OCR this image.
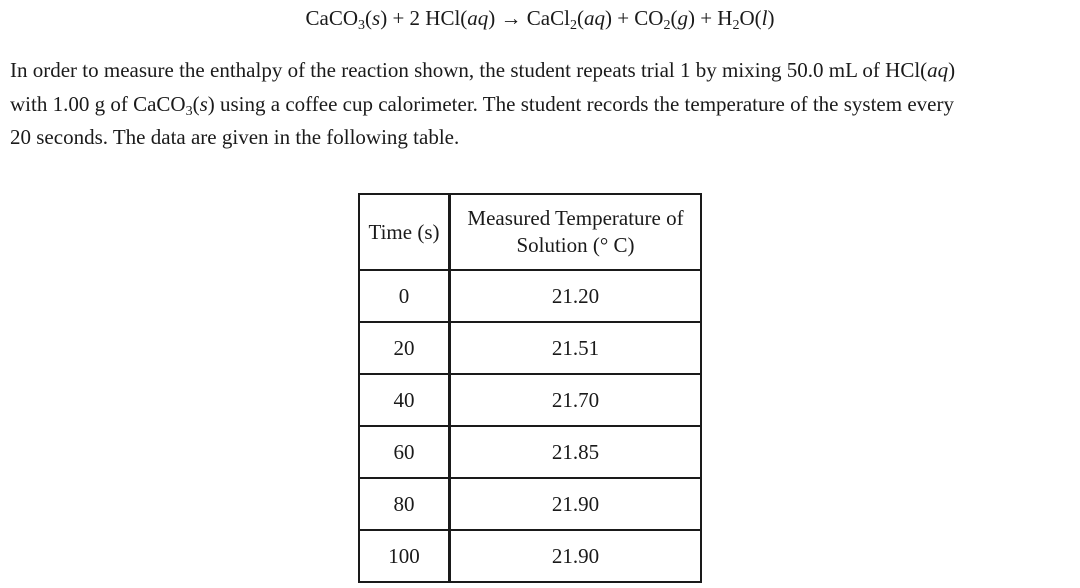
CaCO$_3$(s) + 2 HCl(aq) → CaCl$_2$(aq) + $CO_2(g) + H_2O(l)$
In order to measure the enthalpy of the reaction shown, the student repeats trial 1 by mixing 50.0 mL of HCl(aq)
with 1.00 g of CaCO$_3$(s) using a coffee cup calorimeter. The student records the temperature of the system every
20 seconds. The data are given in the following table.
Time (s)	Measured Temperature of
Solution (° C)
0	21.20
20	21.51
40	21.70
60	21.85
80	21.90
100	21.90
